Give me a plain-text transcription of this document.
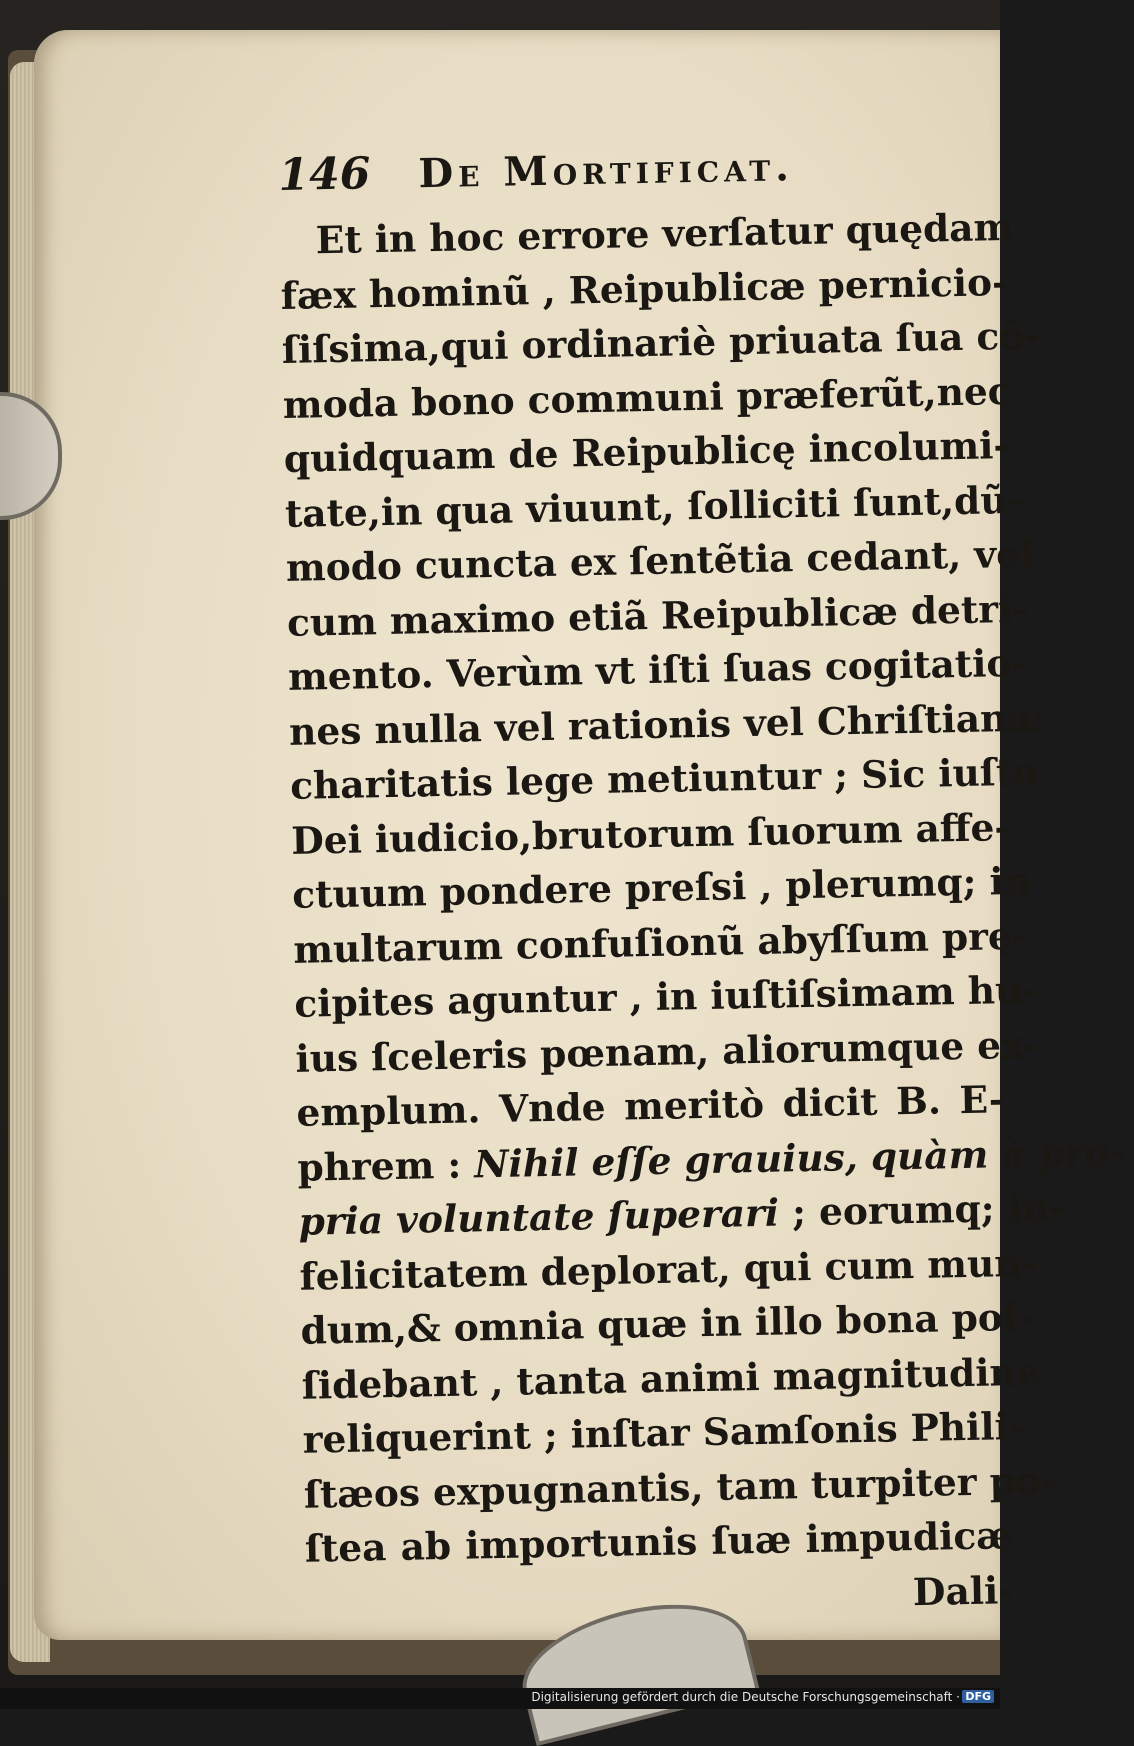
146	De Mortificat.
Et in hoc errore verſatur quędam
fæx hominũ , Reipublicæ pernicio-
ſiſsima,qui ordinariè priuata ſua cõ-
moda bono communi præferũt,nec
quidquam de Reipublicę incolumi-
tate,in qua viuunt, ſolliciti ſunt,dũ-
modo cuncta ex ſentẽtia cedant, vel
cum maximo etiã Reipublicæ detri-
mento. Verùm vt iſti ſuas cogitatio-
nes nulla vel rationis vel Chriſtianæ
charitatis lege metiuntur ; Sic iuſto
Dei iudicio,brutorum ſuorum affe-
ctuum pondere preſsi , plerumq; in
multarum confuſionũ abyſſum prę-
cipites aguntur , in iuſtiſsimam hu-
ius ſceleris pœnam, aliorumque ex-
emplum. Vnde meritò dicit B. E-
phrem : Nihil eſſe grauius, quàm à pro-
pria voluntate ſuperari ; eorumq; in-
felicitatem deplorat, qui cum mun-
dum,& omnia quæ in illo bona poſ-
ſidebant , tanta animi magnitudine
reliquerint ; inſtar Samſonis Phili-
ſtæos expugnantis, tam turpiter po-
ſtea ab importunis ſuæ impudicæ
Dali-
Digitalisierung gefördert durch die Deutsche Forschungsgemeinschaft · DFG
